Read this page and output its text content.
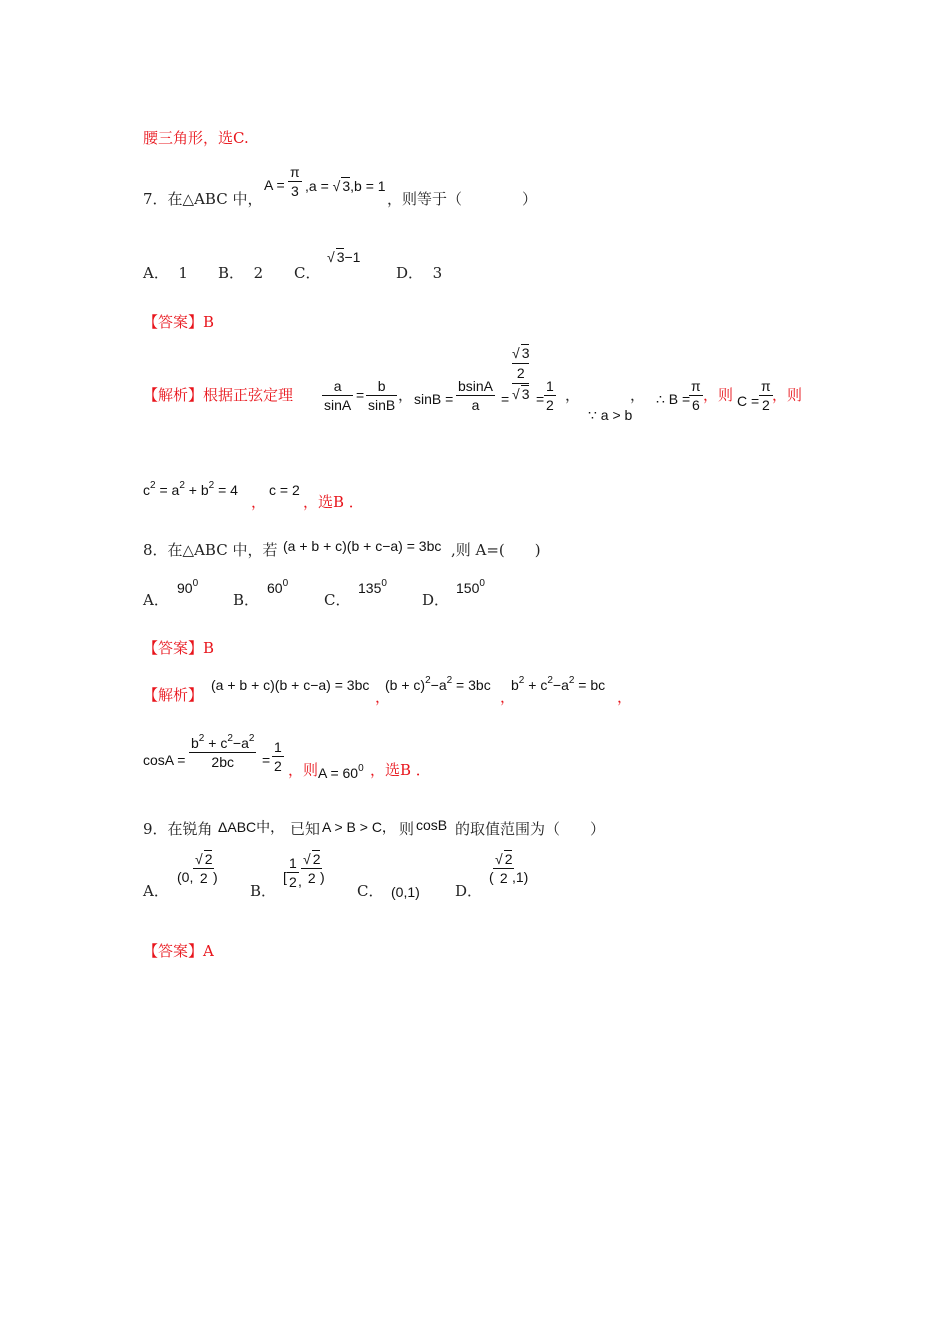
腰三角形，选C.
7．在△ABC 中，
$A = \frac{\pi}{3} ,a$ = √ 3,b = 1
，则等于（　　　　）
A． 1 B． 2 C．
√ 3−1
D． 3
【答案】B
【解析】根据正弦定理 $\frac{a}{\sin A} = \frac{b}{\sin B}$ ， $\sin B = \frac{bsinA}{a}$ =
√ 3
2
√ $3 = \frac{1}{2}$ ，	，
∵ a > b
∴ B =
$\frac{\pi}{6}$ ，则 $C = \frac{\pi}{2}$ ，则
$c^2 = a^2 + b^2 = 4$
，
c = 2
，选B ．
8．在△ABC 中，若 (a + b + c)(b + c−a) = 3bc ,则 A=(　　)
A．
$90^0$
B．
$60^0$
C．
$135^0$
D．
$150^0$
【答案】B
【解析】
(a + b + c)(b + c−a) = 3bc
，
$(b + c)^2-a^2 = 3bc$
，
$b^2 + c^2-a^2$ = bc
，
$\cos A = \frac{b^2 + c^2-a^2}{2bc} = \frac{1}{2}$ ，则 $A = 60^0$ ，选B ．
9．在锐角 ΔABC中， 已知 A > B > C， 则 cosB 的取值范围为（　　）
A．
(0, $\frac{√ 2}{2}$
)
B．
[ $\frac{1}{2}$ , $\frac{√ 2}{2}$
)
C． (0,1) D．
( $\frac{√ 2}{2}$
,1)
【答案】A
